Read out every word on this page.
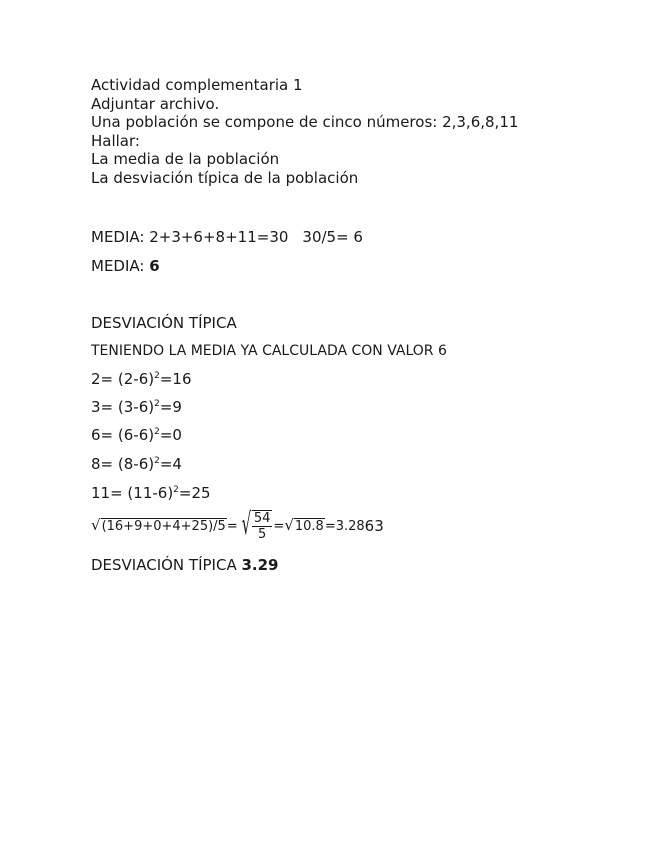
Actividad complementaria 1
Adjuntar archivo.
Una población se compone de cinco números: 2,3,6,8,11
Hallar:
La media de la población
La desviación típica de la población
MEDIA: 2+3+6+8+11=30 30/5= 6
MEDIA: 6
DESVIACIÓN TÍPICA
TENIENDO LA MEDIA YA CALCULADA CON VALOR 6
$2= (2-6)^2=16$
$3= (3-6)^2=9$
$6= (6-6)^2=0$
$8= (8-6)^2=4$
$11= (11-6)^2=25$
√ (16+9+0+4+25)/5 = √ $\frac{54}{5}$ = √ 10.8 =3.28 63
DESVIACIÓN TÍPICA 3.29
